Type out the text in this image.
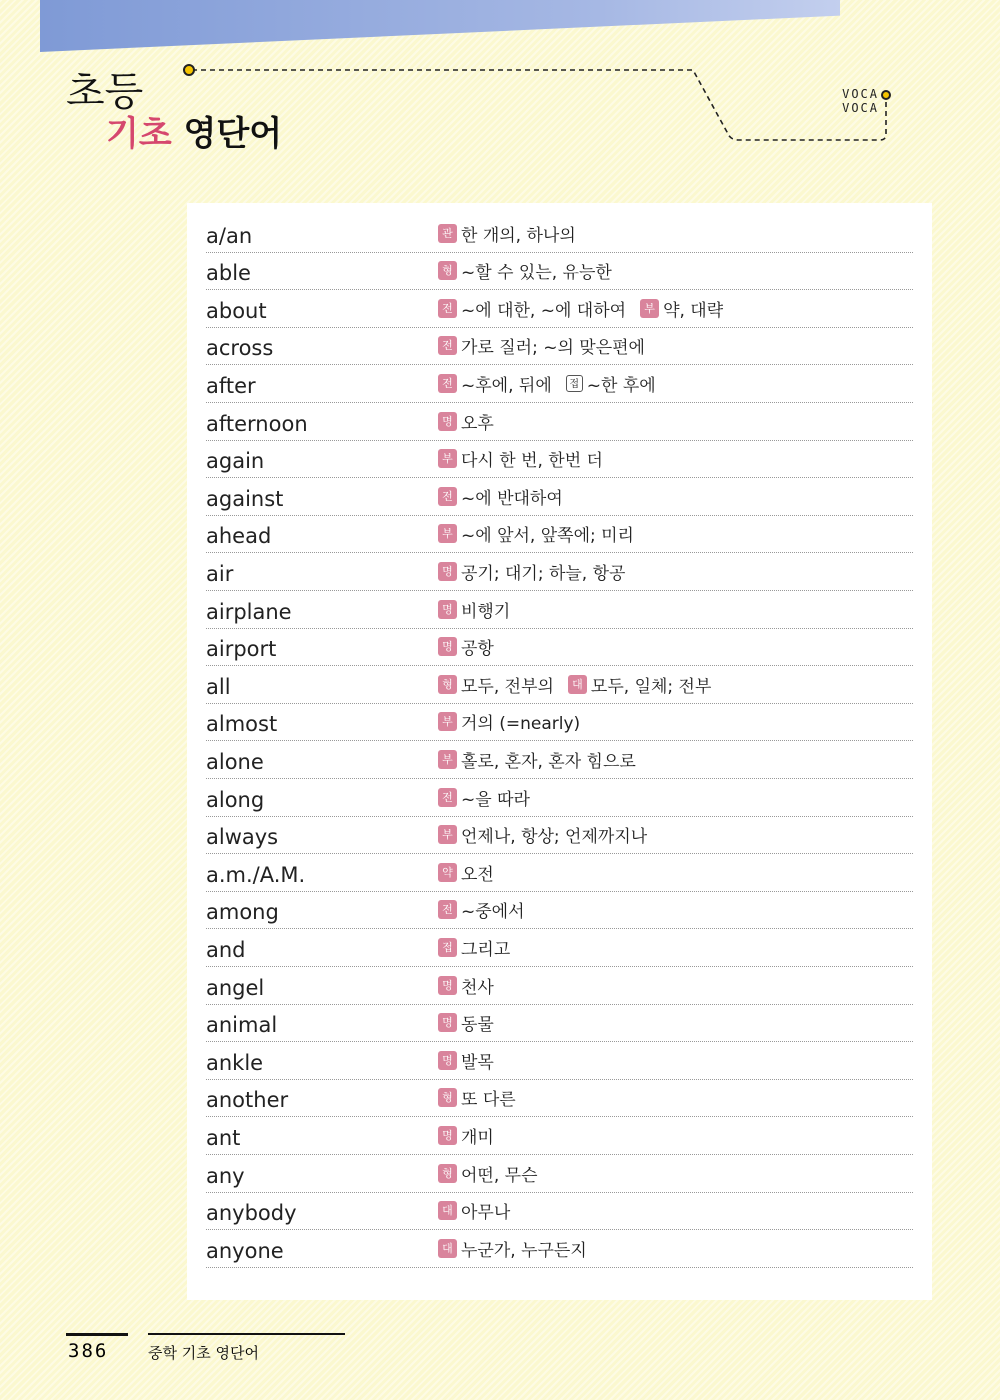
초등
기초 영단어
VOCA
VOCA
a/an	관 한 개의, 하나의
able	형 ~할 수 있는, 유능한
about	전 ~에 대한, ~에 대하여	부 약, 대략
across	전 가로 질러; ~의 맞은편에
after	전 ~후에, 뒤에	접 ~한 후에
afternoon	명 오후
again	부 다시 한 번, 한번 더
against	전 ~에 반대하여
ahead	부 ~에 앞서, 앞쪽에; 미리
air	명 공기; 대기; 하늘, 항공
airplane	명 비행기
airport	명 공항
all	형 모두, 전부의	대 모두, 일체; 전부
almost	부 거의 (=nearly)
alone	부 홀로, 혼자, 혼자 힘으로
along	전 ~을 따라
always	부 언제나, 항상; 언제까지나
a.m./A.M.	약 오전
among	전 ~중에서
and	접 그리고
angel	명 천사
animal	명 동물
ankle	명 발목
another	형 또 다른
ant	명 개미
any	형 어떤, 무슨
anybody	대 아무나
anyone	대 누군가, 누구든지
386	중학 기초 영단어
